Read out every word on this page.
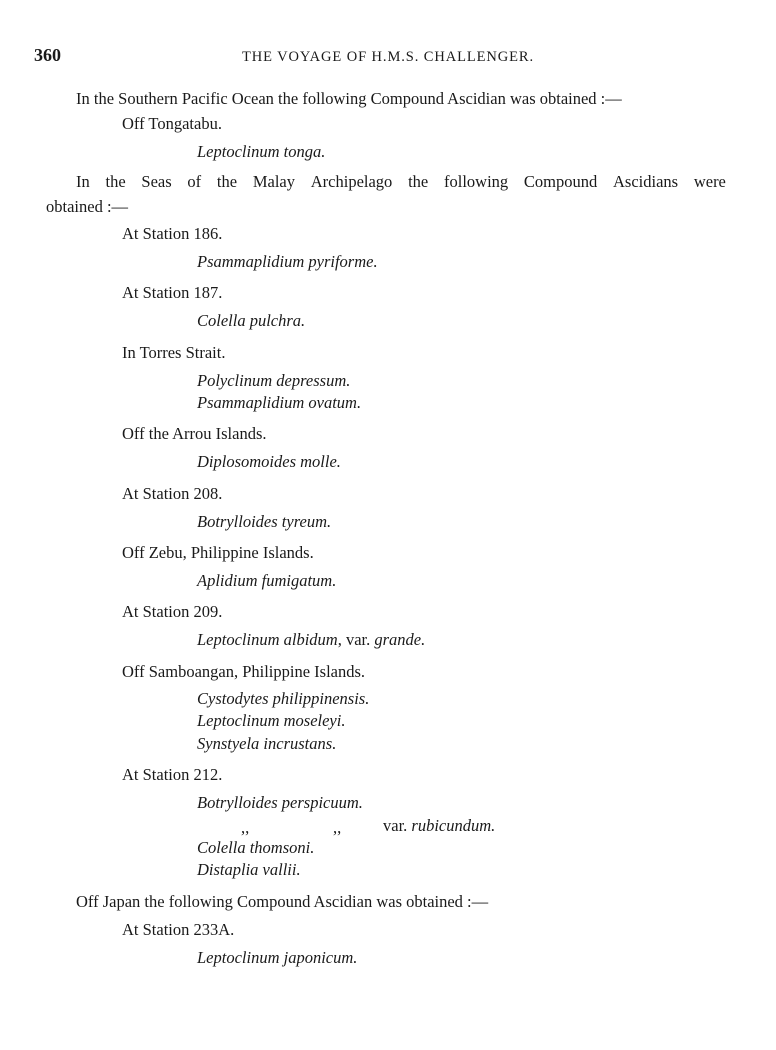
360	THE VOYAGE OF H.M.S. CHALLENGER.
In the Southern Pacific Ocean the following Compound Ascidian was obtained :—
Off Tongatabu.
Leptoclinum tonga.
In the Seas of the Malay Archipelago the following Compound Ascidians were
obtained :—
At Station 186.
Psammaplidium pyriforme.
At Station 187.
Colella pulchra.
In Torres Strait.
Polyclinum depressum.
Psammaplidium ovatum.
Off the Arrou Islands.
Diplosomoides molle.
At Station 208.
Botrylloides tyreum.
Off Zebu, Philippine Islands.
Aplidium fumigatum.
At Station 209.
Leptoclinum albidum, var. grande.
Off Samboangan, Philippine Islands.
Cystodytes philippinensis.
Leptoclinum moseleyi.
Synstyela incrustans.
At Station 212.
Botrylloides perspicuum.
,,	,,	var. rubicundum.
Colella thomsoni.
Distaplia vallii.
Off Japan the following Compound Ascidian was obtained :—
At Station 233A.
Leptoclinum japonicum.
